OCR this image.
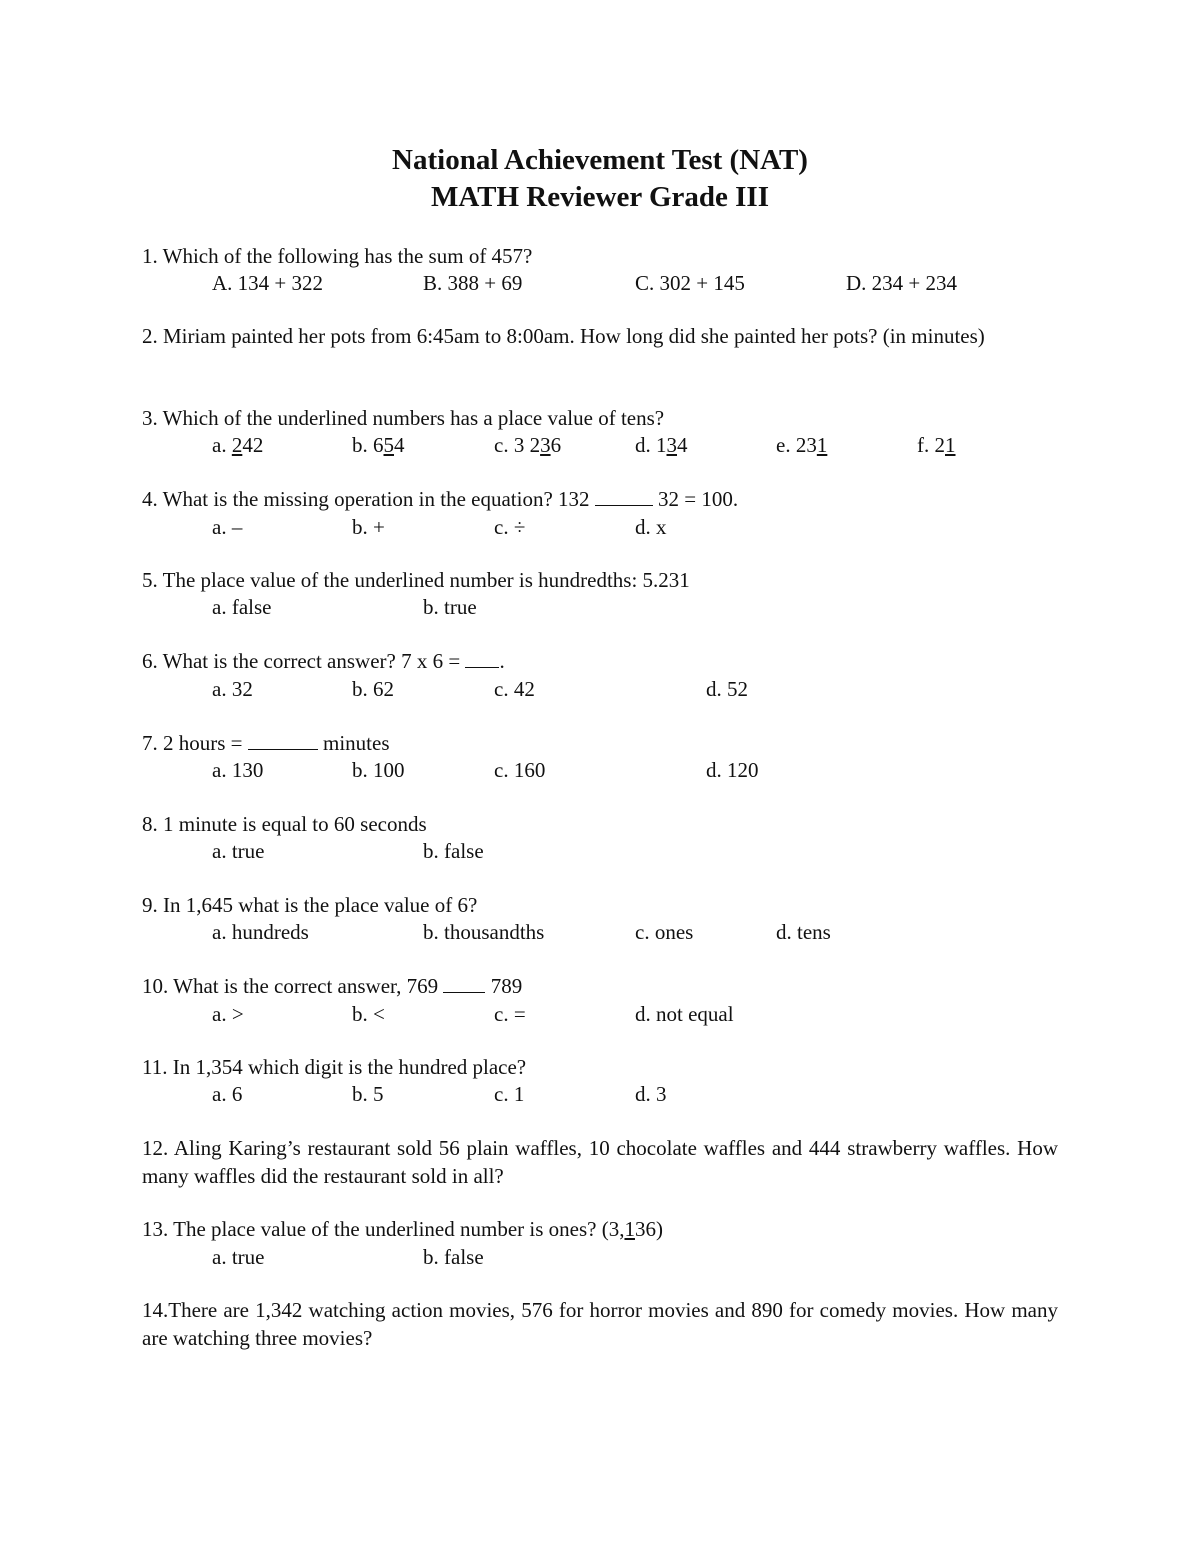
National Achievement Test (NAT)
MATH Reviewer Grade III
1. Which of the following has the sum of 457?
A. 134 + 322	B. 388 + 69	C. 302 + 145	D. 234 + 234
2. Miriam painted her pots from 6:45am to 8:00am. How long did she painted her pots? (in minutes)
3. Which of the underlined numbers has a place value of tens?
a. 242	b. 654	c. 3 236	d. 134	e. 231	f. 21
4. What is the missing operation in the equation? 132	32 = 100.
a. –	b. +	c. ÷	d. x
5. The place value of the underlined number is hundredths: 5.231
a. false	b. true
6. What is the correct answer? 7 x 6 = .
a. 32	b. 62	c. 42	d. 52
7. 2 hours =	minutes
a. 130	b. 100	c. 160	d. 120
8. 1 minute is equal to 60 seconds
a. true	b. false
9. In 1,645 what is the place value of 6?
a. hundreds	b. thousandths	c. ones	d. tens
10. What is the correct answer, 769  789
a. >	b. <	c. =	d. not equal
11. In 1,354 which digit is the hundred place?
a. 6	b. 5	c. 1	d. 3
12. Aling Karing’s restaurant sold 56 plain waffles, 10 chocolate waffles and 444 strawberry waffles. How many waffles did the restaurant sold in all?
13. The place value of the underlined number is ones? (3,136)
a. true	b. false
14.There are 1,342 watching action movies, 576 for horror movies and 890 for comedy movies. How many are watching three movies?
